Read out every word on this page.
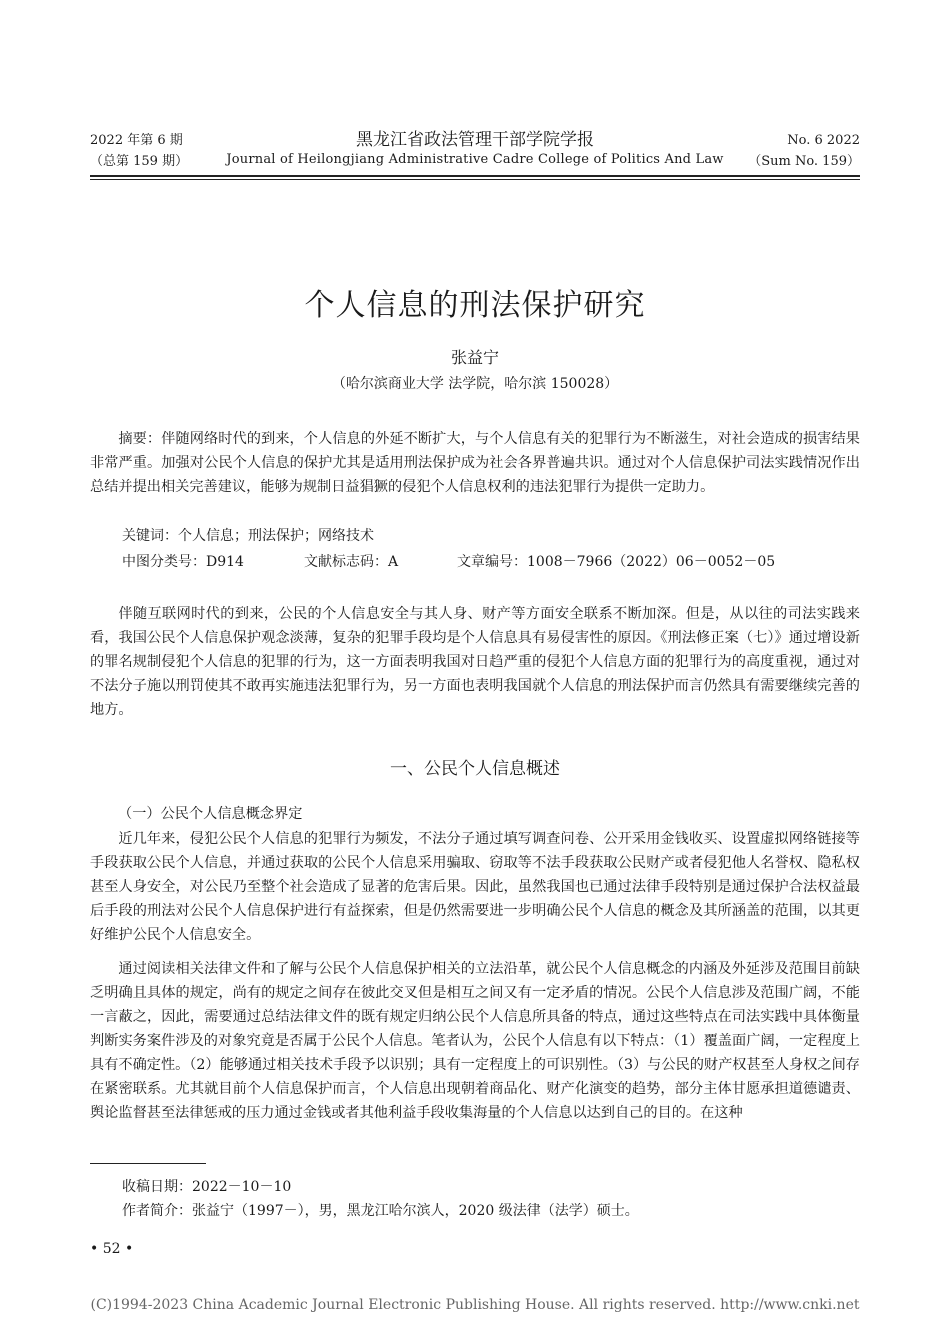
2022 年第 6 期
（总第 159 期）
黑龙江省政法管理干部学院学报
Journal of Heilongjiang Administrative Cadre College of Politics And Law
No. 6 2022
（Sum No. 159）
个人信息的刑法保护研究
张益宁
（哈尔滨商业大学 法学院，哈尔滨 150028）
摘要：伴随网络时代的到来，个人信息的外延不断扩大，与个人信息有关的犯罪行为不断滋生，对社会造成的损害结果非常严重。加强对公民个人信息的保护尤其是适用刑法保护成为社会各界普遍共识。通过对个人信息保护司法实践情况作出总结并提出相关完善建议，能够为规制日益猖獗的侵犯个人信息权利的违法犯罪行为提供一定助力。
关键词：个人信息；刑法保护；网络技术
中图分类号：D914	文献标志码：A	文章编号：1008－7966（2022）06－0052－05
伴随互联网时代的到来，公民的个人信息安全与其人身、财产等方面安全联系不断加深。但是，从以往的司法实践来看，我国公民个人信息保护观念淡薄，复杂的犯罪手段均是个人信息具有易侵害性的原因。《刑法修正案（七）》通过增设新的罪名规制侵犯个人信息的犯罪的行为，这一方面表明我国对日趋严重的侵犯个人信息方面的犯罪行为的高度重视，通过对不法分子施以刑罚使其不敢再实施违法犯罪行为，另一方面也表明我国就个人信息的刑法保护而言仍然具有需要继续完善的地方。
一、公民个人信息概述
（一）公民个人信息概念界定
近几年来，侵犯公民个人信息的犯罪行为频发，不法分子通过填写调查问卷、公开采用金钱收买、设置虚拟网络链接等手段获取公民个人信息，并通过获取的公民个人信息采用骗取、窃取等不法手段获取公民财产或者侵犯他人名誉权、隐私权甚至人身安全，对公民乃至整个社会造成了显著的危害后果。因此，虽然我国也已通过法律手段特别是通过保护合法权益最后手段的刑法对公民个人信息保护进行有益探索，但是仍然需要进一步明确公民个人信息的概念及其所涵盖的范围，以其更好维护公民个人信息安全。
通过阅读相关法律文件和了解与公民个人信息保护相关的立法沿革，就公民个人信息概念的内涵及外延涉及范围目前缺乏明确且具体的规定，尚有的规定之间存在彼此交叉但是相互之间又有一定矛盾的情况。公民个人信息涉及范围广阔，不能一言蔽之，因此，需要通过总结法律文件的既有规定归纳公民个人信息所具备的特点，通过这些特点在司法实践中具体衡量判断实务案件涉及的对象究竟是否属于公民个人信息。笔者认为，公民个人信息有以下特点：（1）覆盖面广阔，一定程度上具有不确定性。（2）能够通过相关技术手段予以识别；具有一定程度上的可识别性。（3）与公民的财产权甚至人身权之间存在紧密联系。尤其就目前个人信息保护而言，个人信息出现朝着商品化、财产化演变的趋势，部分主体甘愿承担道德谴责、舆论监督甚至法律惩戒的压力通过金钱或者其他利益手段收集海量的个人信息以达到自己的目的。在这种
收稿日期：2022－10－10
作者简介：张益宁（1997－），男，黑龙江哈尔滨人，2020 级法律（法学）硕士。
• 52 •
(C)1994-2023 China Academic Journal Electronic Publishing House. All rights reserved. http://www.cnki.net
